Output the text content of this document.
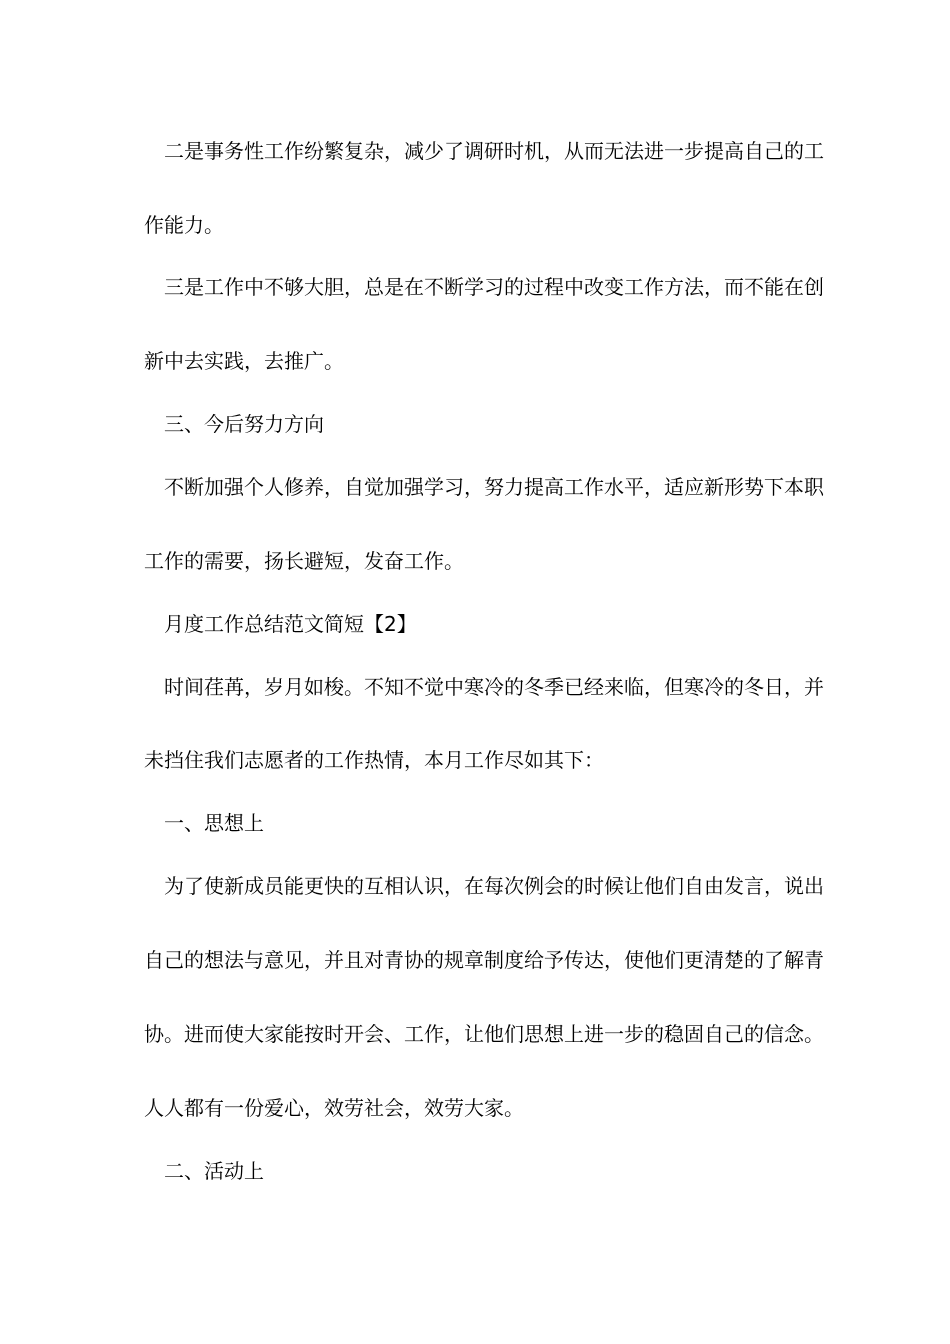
二是事务性工作纷繁复杂，减少了调研时机，从而无法进一步提高自己的工
作能力。
三是工作中不够大胆，总是在不断学习的过程中改变工作方法，而不能在创
新中去实践，去推广。
三、今后努力方向
不断加强个人修养，自觉加强学习，努力提高工作水平，适应新形势下本职
工作的需要，扬长避短，发奋工作。
月度工作总结范文简短【2】
时间荏苒，岁月如梭。不知不觉中寒冷的冬季已经来临，但寒冷的冬日，并
未挡住我们志愿者的工作热情，本月工作尽如其下：
一、思想上
为了使新成员能更快的互相认识，在每次例会的时候让他们自由发言，说出
自己的想法与意见，并且对青协的规章制度给予传达，使他们更清楚的了解青
协。进而使大家能按时开会、工作，让他们思想上进一步的稳固自己的信念。
人人都有一份爱心，效劳社会，效劳大家。
二、活动上
